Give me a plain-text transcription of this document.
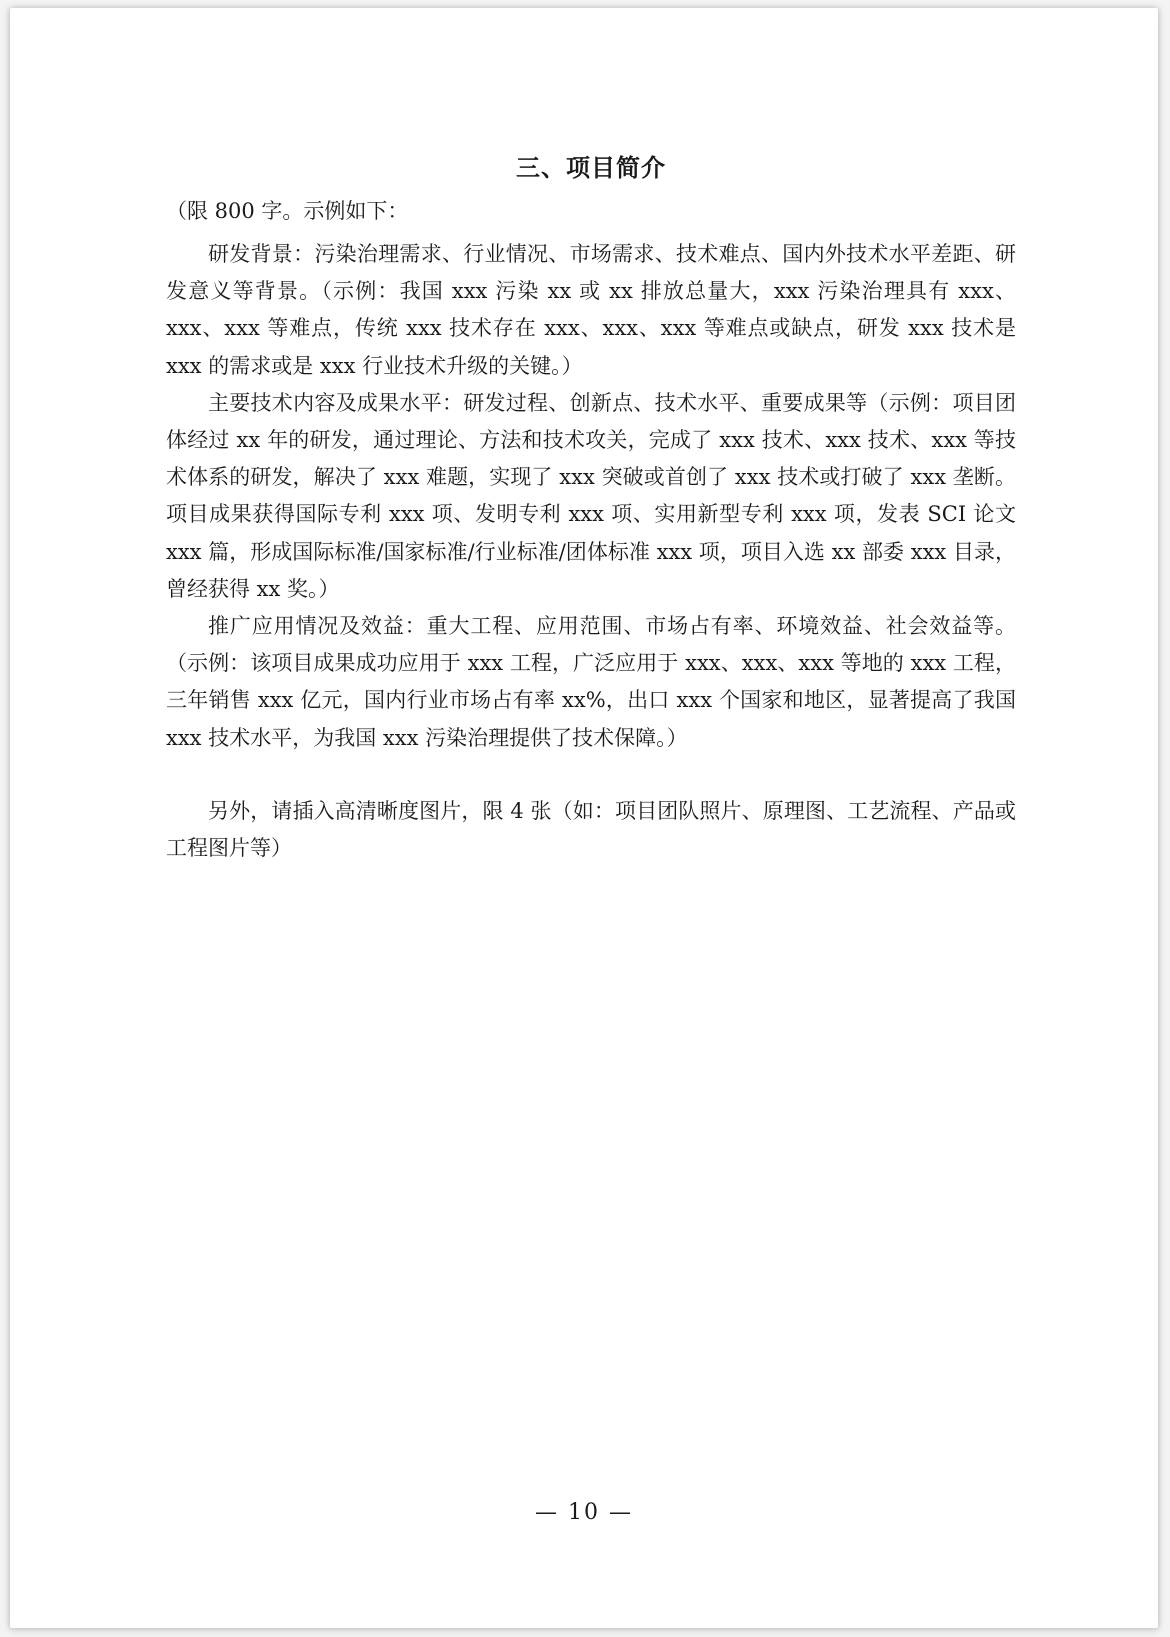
三、项目简介
（限 800 字。示例如下：

研发背景：污染治理需求、行业情况、市场需求、技术难点、国内外技术水平差距、研发意义等背景。（示例：我国 xxx 污染 xx 或 xx 排放总量大，xxx 污染治理具有 xxx、xxx、xxx 等难点，传统 xxx 技术存在 xxx、xxx、xxx 等难点或缺点，研发 xxx 技术是 xxx 的需求或是 xxx 行业技术升级的关键。）

主要技术内容及成果水平：研发过程、创新点、技术水平、重要成果等（示例：项目团体经过 xx 年的研发，通过理论、方法和技术攻关，完成了 xxx 技术、xxx 技术、xxx 等技术体系的研发，解决了 xxx 难题，实现了 xxx 突破或首创了 xxx 技术或打破了 xxx 垄断。项目成果获得国际专利 xxx 项、发明专利 xxx 项、实用新型专利 xxx 项，发表 SCI 论文 xxx 篇，形成国际标准/国家标准/行业标准/团体标准 xxx 项，项目入选 xx 部委 xxx 目录，曾经获得 xx 奖。）

推广应用情况及效益：重大工程、应用范围、市场占有率、环境效益、社会效益等。（示例：该项目成果成功应用于 xxx 工程，广泛应用于 xxx、xxx、xxx 等地的 xxx 工程，三年销售 xxx 亿元，国内行业市场占有率 xx%，出口 xxx 个国家和地区，显著提高了我国 xxx 技术水平，为我国 xxx 污染治理提供了技术保障。）

另外，请插入高清晰度图片，限 4 张（如：项目团队照片、原理图、工艺流程、产品或工程图片等）

— 10 —
